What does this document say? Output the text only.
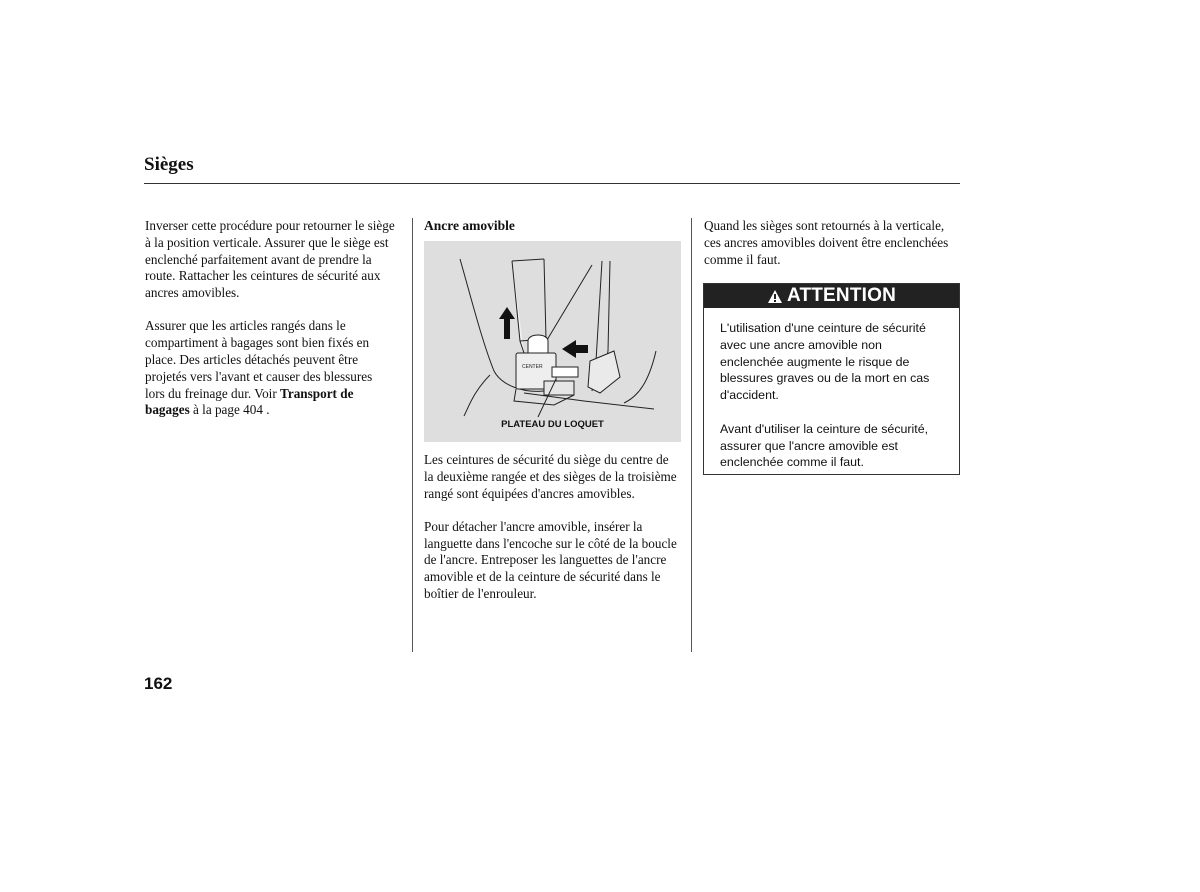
Sièges

Inverser cette procédure pour retourner le siège à la position verticale. Assurer que le siège est enclenché parfaitement avant de prendre la route. Rattacher les ceintures de sécurité aux ancres amovibles.

Assurer que les articles rangés dans le compartiment à bagages sont bien fixés en place. Des articles détachés peuvent être projetés vers l'avant et causer des blessures lors du freinage dur. Voir Transport de bagages à la page 404 .

Ancre amovible
CENTER
PLATEAU DU LOQUET

Les ceintures de sécurité du siège du centre de la deuxième rangée et des sièges de la troisième rangé sont équipées d'ancres amovibles.

Pour détacher l'ancre amovible, insérer la languette dans l'encoche sur le côté de la boucle de l'ancre. Entreposer les languettes de l'ancre amovible et de la ceinture de sécurité dans le boîtier de l'enrouleur.

Quand les sièges sont retournés à la verticale, ces ancres amovibles doivent être enclenchées comme il faut.

ATTENTION

L'utilisation d'une ceinture de sécurité avec une ancre amovible non enclenchée augmente le risque de blessures graves ou de la mort en cas d'accident.

Avant d'utiliser la ceinture de sécurité, assurer que l'ancre amovible est enclenchée comme il faut.

162
